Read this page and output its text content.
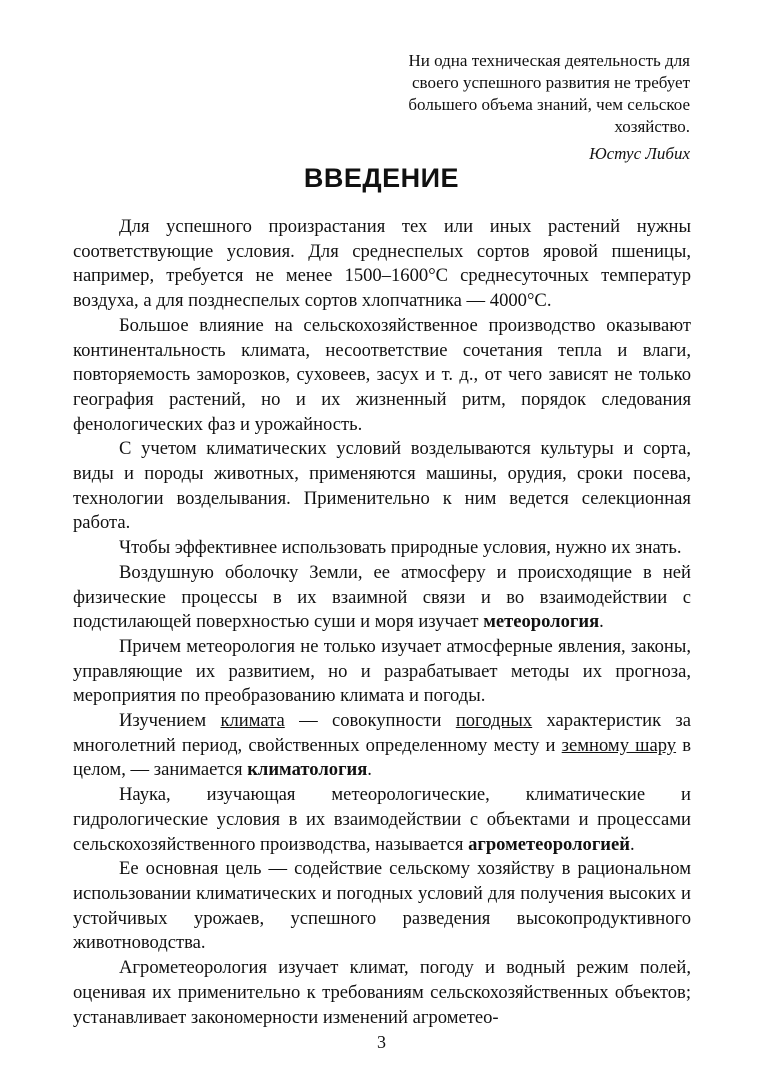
Ни одна техническая деятельность для своего успешного развития не требует большего объема знаний, чем сельское хозяйство.

Юстус Либих

ВВЕДЕНИЕ

Для успешного произрастания тех или иных растений нужны соответствующие условия. Для среднеспелых сортов яровой пшеницы, например, требуется не менее 1500–1600°С среднесуточных температур воздуха, а для позднеспелых сортов хлопчатника — 4000°С.

Большое влияние на сельскохозяйственное производство оказывают континентальность климата, несоответствие сочетания тепла и влаги, повторяемость заморозков, суховеев, засух и т. д., от чего зависят не только география растений, но и их жизненный ритм, порядок следования фенологических фаз и урожайность.

С учетом климатических условий возделываются культуры и сорта, виды и породы животных, применяются машины, орудия, сроки посева, технологии возделывания. Применительно к ним ведется селекционная работа.

Чтобы эффективнее использовать природные условия, нужно их знать.

Воздушную оболочку Земли, ее атмосферу и происходящие в ней физические процессы в их взаимной связи и во взаимодействии с подстилающей поверхностью суши и моря изучает метеорология.

Причем метеорология не только изучает атмосферные явления, законы, управляющие их развитием, но и разрабатывает методы их прогноза, мероприятия по преобразованию климата и погоды.

Изучением климата — совокупности погодных характеристик за многолетний период, свойственных определенному месту и земному шару в целом, — занимается климатология.

Наука, изучающая метеорологические, климатические и гидрологические условия в их взаимодействии с объектами и процессами сельскохозяйственного производства, называется агрометеорологией.

Ее основная цель — содействие сельскому хозяйству в рациональном использовании климатических и погодных условий для получения высоких и устойчивых урожаев, успешного разведения высокопродуктивного животноводства.

Агрометеорология изучает климат, погоду и водный режим полей, оценивая их применительно к требованиям сельскохозяйственных объектов; устанавливает закономерности изменений агрометео-

3
